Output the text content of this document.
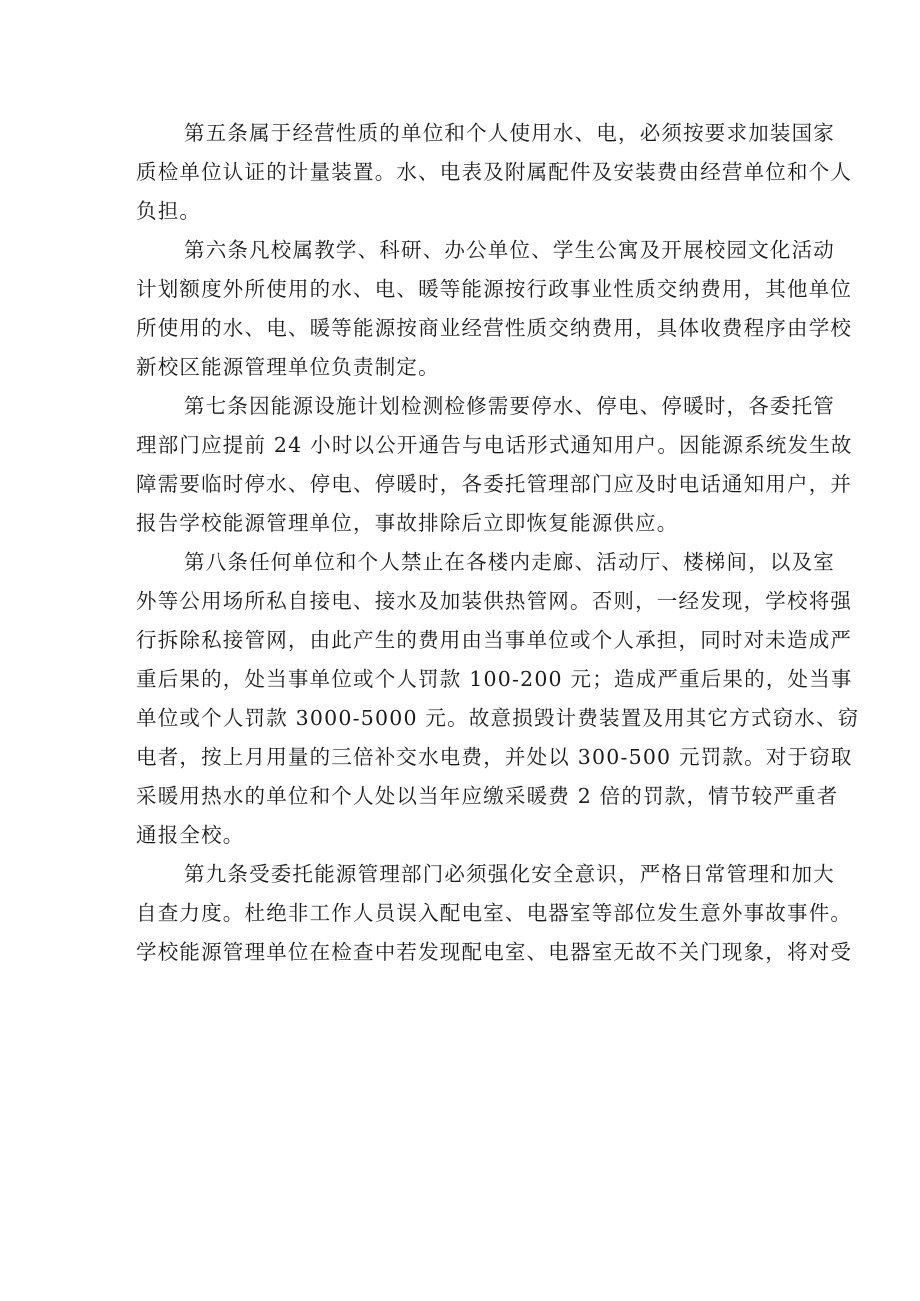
第五条属于经营性质的单位和个人使用水、电，必须按要求加装国家
质检单位认证的计量装置。水、电表及附属配件及安装费由经营单位和个人
负担。

第六条凡校属教学、科研、办公单位、学生公寓及开展校园文化活动
计划额度外所使用的水、电、暖等能源按行政事业性质交纳费用，其他单位
所使用的水、电、暖等能源按商业经营性质交纳费用，具体收费程序由学校
新校区能源管理单位负责制定。

第七条因能源设施计划检测检修需要停水、停电、停暖时，各委托管
理部门应提前 24 小时以公开通告与电话形式通知用户。因能源系统发生故
障需要临时停水、停电、停暖时，各委托管理部门应及时电话通知用户，并
报告学校能源管理单位，事故排除后立即恢复能源供应。

第八条任何单位和个人禁止在各楼内走廊、活动厅、楼梯间，以及室
外等公用场所私自接电、接水及加装供热管网。否则，一经发现，学校将强
行拆除私接管网，由此产生的费用由当事单位或个人承担，同时对未造成严
重后果的，处当事单位或个人罚款 100-200 元；造成严重后果的，处当事
单位或个人罚款 3000-5000 元。故意损毁计费装置及用其它方式窃水、窃
电者，按上月用量的三倍补交水电费，并处以 300-500 元罚款。对于窃取
采暖用热水的单位和个人处以当年应缴采暖费 2 倍的罚款，情节较严重者
通报全校。

第九条受委托能源管理部门必须强化安全意识，严格日常管理和加大
自查力度。杜绝非工作人员误入配电室、电器室等部位发生意外事故事件。
学校能源管理单位在检查中若发现配电室、电器室无故不关门现象，将对受
